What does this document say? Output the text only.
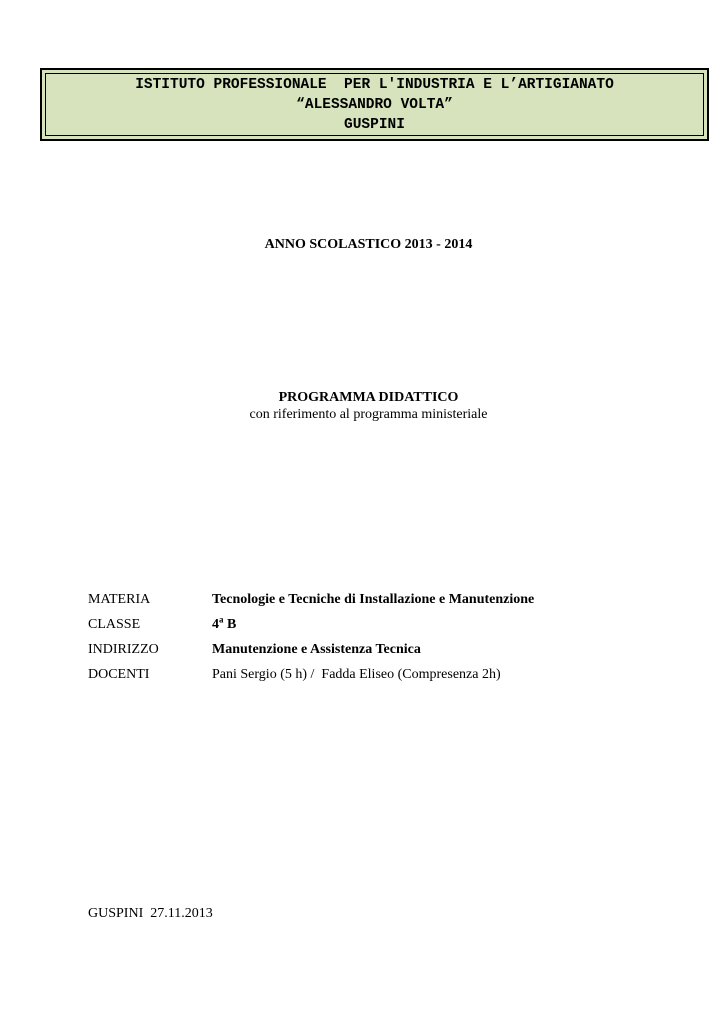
ISTITUTO PROFESSIONALE  PER L'INDUSTRIA E L’ARTIGIANATO
“ALESSANDRO VOLTA”
GUSPINI
ANNO SCOLASTICO 2013 - 2014
PROGRAMMA DIDATTICO
con riferimento al programma ministeriale
MATERIA	Tecnologie e Tecniche di Installazione e Manutenzione
CLASSE	4$^a$ B
INDIRIZZO	Manutenzione e Assistenza Tecnica
DOCENTI	Pani Sergio (5 h) /  Fadda Eliseo (Compresenza 2h)
GUSPINI  27.11.2013
